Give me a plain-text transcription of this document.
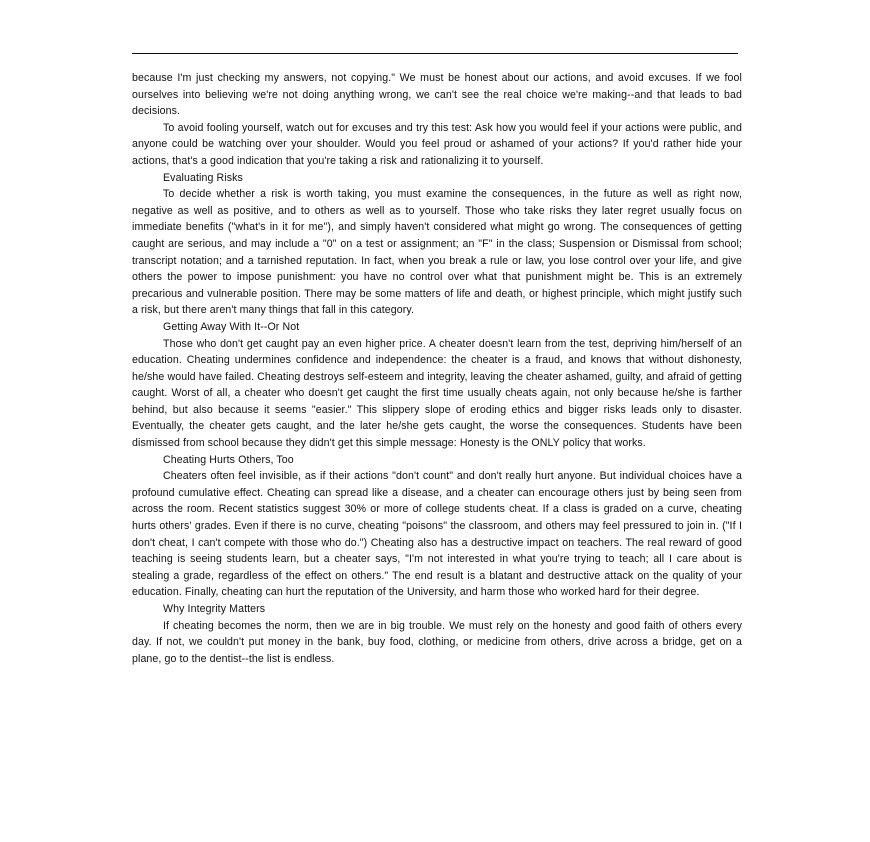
because I'm just checking my answers, not copying." We must be honest about our actions, and avoid excuses. If we fool ourselves into believing we're not doing anything wrong, we can't see the real choice we're making--and that leads to bad decisions.

To avoid fooling yourself, watch out for excuses and try this test: Ask how you would feel if your actions were public, and anyone could be watching over your shoulder. Would you feel proud or ashamed of your actions? If you'd rather hide your actions, that's a good indication that you're taking a risk and rationalizing it to yourself.

Evaluating Risks

To decide whether a risk is worth taking, you must examine the consequences, in the future as well as right now, negative as well as positive, and to others as well as to yourself. Those who take risks they later regret usually focus on immediate benefits ("what's in it for me"), and simply haven't considered what might go wrong. The consequences of getting caught are serious, and may include a "0" on a test or assignment; an "F" in the class; Suspension or Dismissal from school; transcript notation; and a tarnished reputation. In fact, when you break a rule or law, you lose control over your life, and give others the power to impose punishment: you have no control over what that punishment might be. This is an extremely precarious and vulnerable position. There may be some matters of life and death, or highest principle, which might justify such a risk, but there aren't many things that fall in this category.

Getting Away With It--Or Not

Those who don't get caught pay an even higher price. A cheater doesn't learn from the test, depriving him/herself of an education. Cheating undermines confidence and independence: the cheater is a fraud, and knows that without dishonesty, he/she would have failed. Cheating destroys self-esteem and integrity, leaving the cheater ashamed, guilty, and afraid of getting caught. Worst of all, a cheater who doesn't get caught the first time usually cheats again, not only because he/she is farther behind, but also because it seems "easier." This slippery slope of eroding ethics and bigger risks leads only to disaster. Eventually, the cheater gets caught, and the later he/she gets caught, the worse the consequences. Students have been dismissed from school because they didn't get this simple message: Honesty is the ONLY policy that works.

Cheating Hurts Others, Too

Cheaters often feel invisible, as if their actions "don't count" and don't really hurt anyone. But individual choices have a profound cumulative effect. Cheating can spread like a disease, and a cheater can encourage others just by being seen from across the room. Recent statistics suggest 30% or more of college students cheat. If a class is graded on a curve, cheating hurts others' grades. Even if there is no curve, cheating "poisons" the classroom, and others may feel pressured to join in. ("If I don't cheat, I can't compete with those who do.") Cheating also has a destructive impact on teachers. The real reward of good teaching is seeing students learn, but a cheater says, "I'm not interested in what you're trying to teach; all I care about is stealing a grade, regardless of the effect on others." The end result is a blatant and destructive attack on the quality of your education. Finally, cheating can hurt the reputation of the University, and harm those who worked hard for their degree.

Why Integrity Matters

If cheating becomes the norm, then we are in big trouble. We must rely on the honesty and good faith of others every day. If not, we couldn't put money in the bank, buy food, clothing, or medicine from others, drive across a bridge, get on a plane, go to the dentist--the list is endless.
